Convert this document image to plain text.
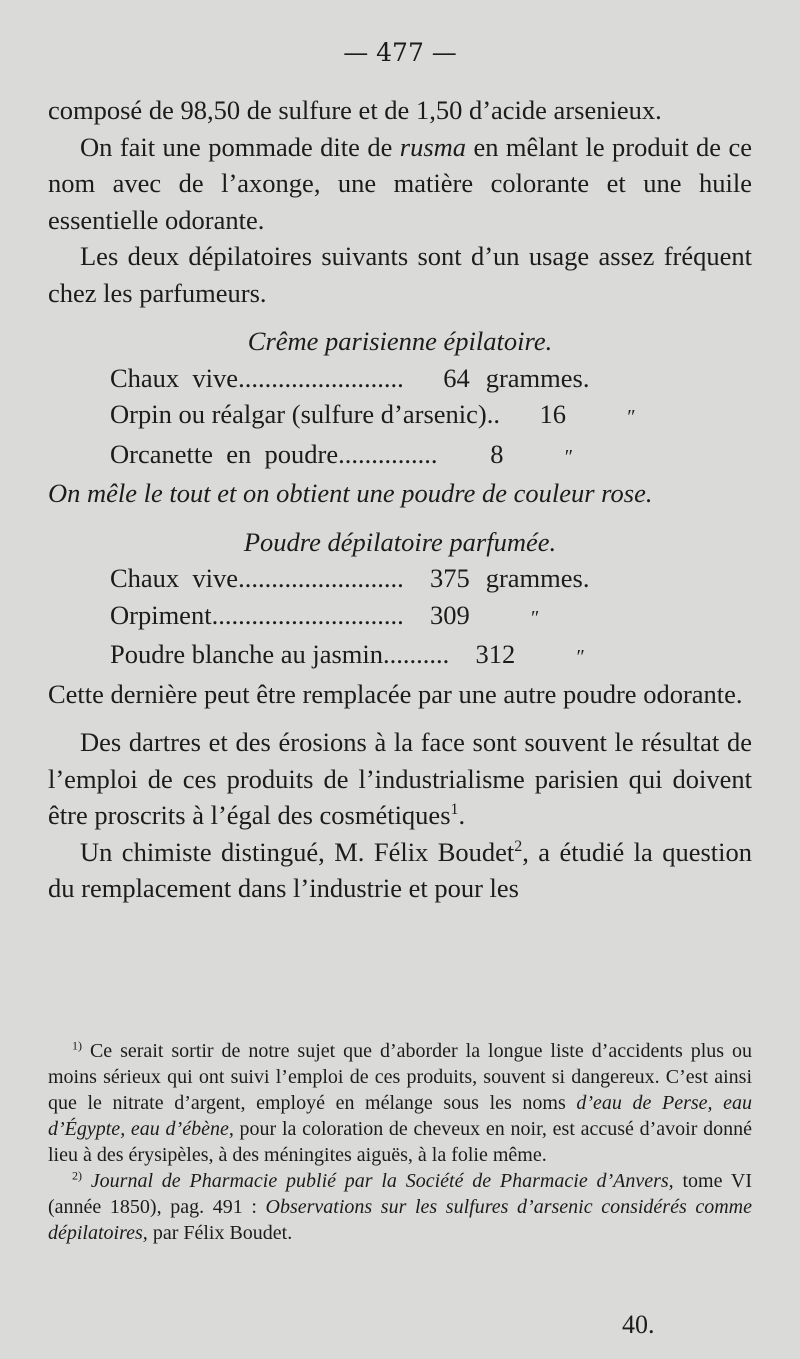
— 477 —

composé de 98,50 de sulfure et de 1,50 d’acide arsenieux.

On fait une pommade dite de rusma en mêlant le produit de ce nom avec de l’axonge, une matière colorante et une huile essentielle odorante.

Les deux dépilatoires suivants sont d’un usage assez fréquent chez les parfumeurs.

Crême parisienne épilatoire.

Chaux  vive .........................	64 grammes.
Orpin ou réalgar (sulfure d’arsenic) ..	16	″
Orcanette  en  poudre ...............	8	″

On mêle le tout et on obtient une poudre de couleur rose.

Poudre dépilatoire parfumée.

Chaux  vive ......................... 375 grammes.
Orpiment ............................. 309	″
Poudre blanche au jasmin .......... 312	″

Cette dernière peut être remplacée par une autre poudre odorante.

Des dartres et des érosions à la face sont souvent le résultat de l’emploi de ces produits de l’industrialisme parisien qui doivent être proscrits à l’égal des cosmétiques$^1$.

Un chimiste distingué, M. Félix Boudet$^2$, a étudié la question du remplacement dans l’industrie et pour les

$^{1)}$ Ce serait sortir de notre sujet que d’aborder la longue liste d’accidents plus ou moins sérieux qui ont suivi l’emploi de ces produits, souvent si dangereux. C’est ainsi que le nitrate d’argent, employé en mélange sous les noms d’eau de Perse, eau d’Égypte, eau d’ébène, pour la coloration de cheveux en noir, est accusé d’avoir donné lieu à des érysipèles, à des méningites aiguës, à la folie même.

$^{2)}$ Journal de Pharmacie publié par la Société de Pharmacie d’Anvers, tome VI (année 1850), pag. 491 : Observations sur les sulfures d’arsenic considérés comme dépilatoires, par Félix Boudet.

40.
